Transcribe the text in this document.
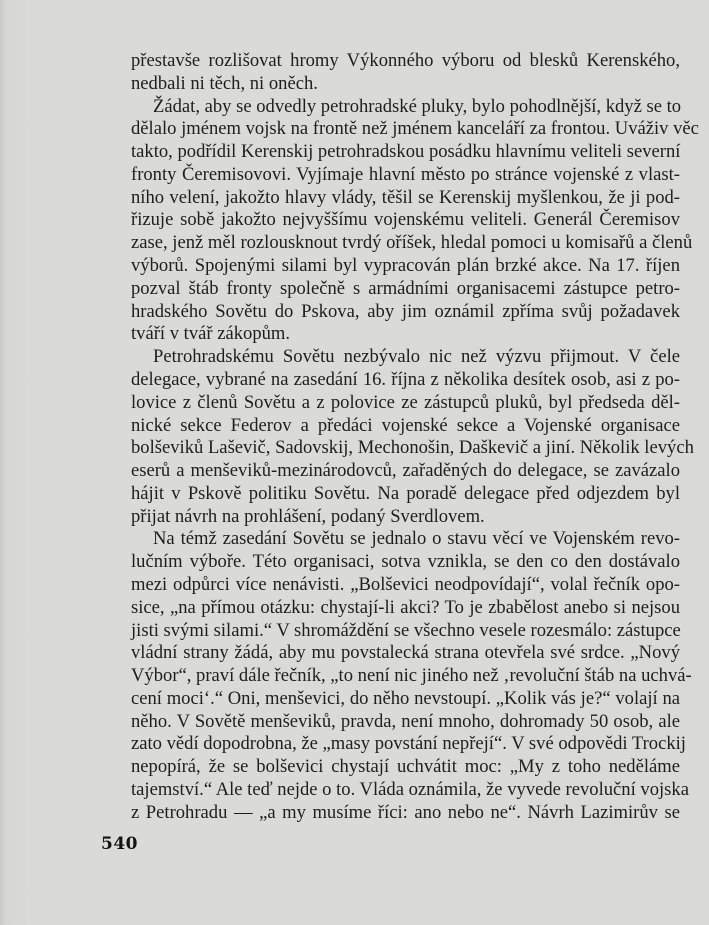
přestavše rozlišovat hromy Výkonného výboru od blesků Kerenského,
nedbali ni těch, ni oněch.
Žádat, aby se odvedly petrohradské pluky, bylo pohodlnější, když se to
dělalo jménem vojsk na frontě než jménem kanceláří za frontou. Uváživ věc
takto, podřídil Kerenskij petrohradskou posádku hlavnímu veliteli severní
fronty Čeremisovovi. Vyjímaje hlavní město po stránce vojenské z vlast-
ního velení, jakožto hlavy vlády, těšil se Kerenskij myšlenkou, že ji pod-
řizuje sobě jakožto nejvyššímu vojenskému veliteli. Generál Čeremisov
zase, jenž měl rozlousknout tvrdý oříšek, hledal pomoci u komisařů a členů
výborů. Spojenými silami byl vypracován plán brzké akce. Na 17. říjen
pozval štáb fronty společně s armádními organisacemi zástupce petro-
hradského Sovětu do Pskova, aby jim oznámil zpříma svůj požadavek
tváří v tvář zákopům.
Petrohradskému Sovětu nezbývalo nic než výzvu přijmout. V čele
delegace, vybrané na zasedání 16. října z několika desítek osob, asi z po-
lovice z členů Sovětu a z polovice ze zástupců pluků, byl předseda děl-
nické sekce Federov a předáci vojenské sekce a Vojenské organisace
bolševiků Laševič, Sadovskij, Mechonošin, Daškevič a jiní. Několik levých
eserů a menševiků-mezinárodovců, zařaděných do delegace, se zavázalo
hájit v Pskově politiku Sovětu. Na poradě delegace před odjezdem byl
přijat návrh na prohlášení, podaný Sverdlovem.
Na témž zasedání Sovětu se jednalo o stavu věcí ve Vojenském revo-
lučním výboře. Této organisaci, sotva vznikla, se den co den dostávalo
mezi odpůrci více nenávisti. „Bolševici neodpovídají“, volal řečník opo-
sice, „na přímou otázku: chystají-li akci? To je zbabělost anebo si nejsou
jisti svými silami.“ V shromáždění se všechno vesele rozesmálo: zástupce
vládní strany žádá, aby mu povstalecká strana otevřela své srdce. „Nový
Výbor“, praví dále řečník, „to není nic jiného než ‚revoluční štáb na uchvá-
cení moci‘.“ Oni, menševici, do něho nevstoupí. „Kolik vás je?“ volají na
něho. V Sovětě menševiků, pravda, není mnoho, dohromady 50 osob, ale
zato vědí dopodrobna, že „masy povstání nepřejí“. V své odpovědi Trockij
nepopírá, že se bolševici chystají uchvátit moc: „My z toho neděláme
tajemství.“ Ale teď nejde o to. Vláda oznámila, že vyvede revoluční vojska
z Petrohradu — „a my musíme říci: ano nebo ne“. Návrh Lazimirův se
540
